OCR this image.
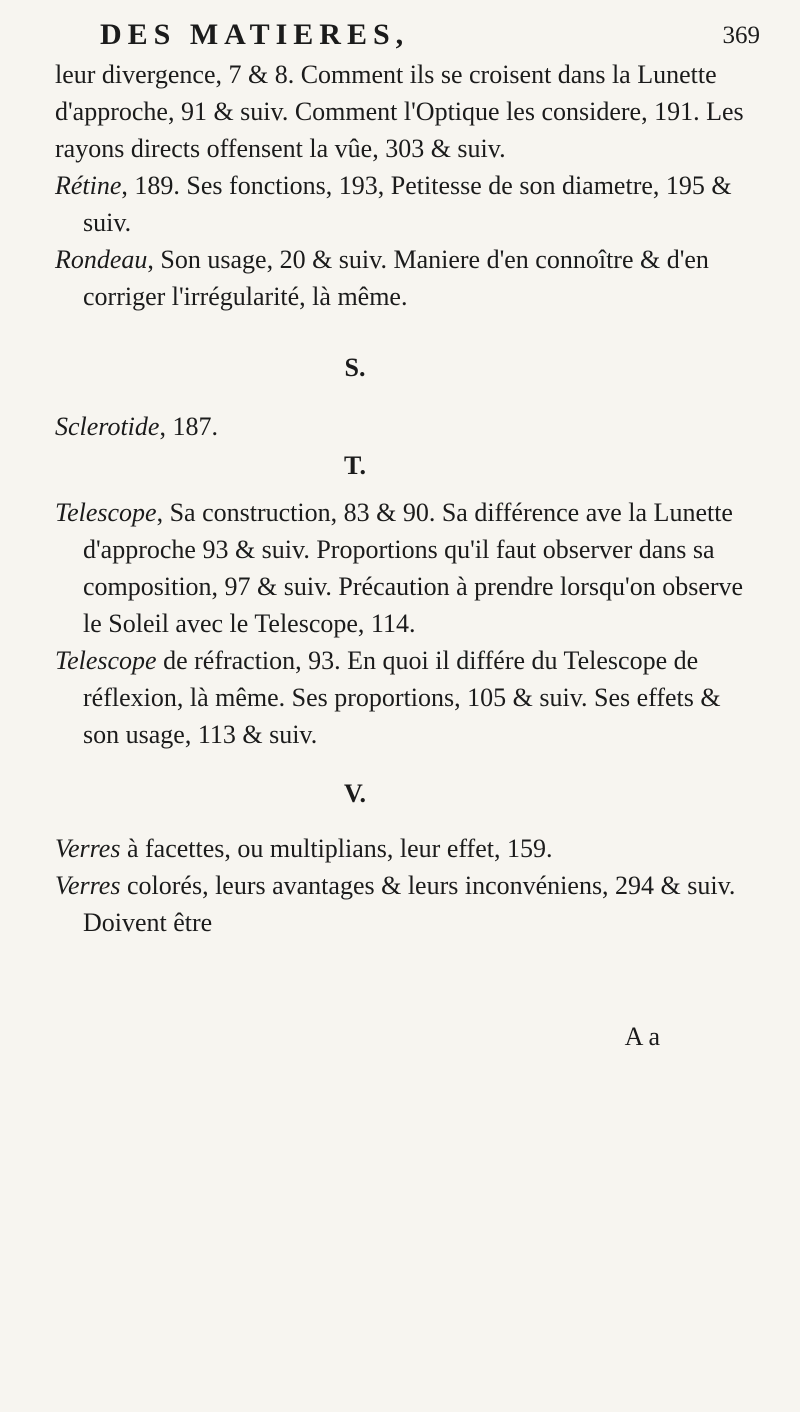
DES MATIERES,	369

leur divergence, 7 & 8. Comment ils se croisent dans la Lunette d'approche, 91 & suiv. Comment l'Optique les considere, 191. Les rayons directs offensent la vûe, 303 & suiv.

Rétine, 189. Ses fonctions, 193, Petitesse de son diametre, 195 & suiv.

Rondeau, Son usage, 20 & suiv. Maniere d'en connoître & d'en corriger l'irrégularité, là même.

S.

Sclerotide, 187.

T.

Telescope, Sa construction, 83 & 90. Sa différence ave la Lunette d'approche 93 & suiv. Proportions qu'il faut observer dans sa composition, 97 & suiv. Précaution à prendre lorsqu'on observe le Soleil avec le Telescope, 114.

Telescope de réfraction, 93. En quoi il différe du Telescope de réflexion, là même. Ses proportions, 105 & suiv. Ses effets & son usage, 113 & suiv.

V.

Verres à facettes, ou multiplians, leur effet, 159.

Verres colorés, leurs avantages & leurs inconvéniens, 294 & suiv. Doivent être

A a
